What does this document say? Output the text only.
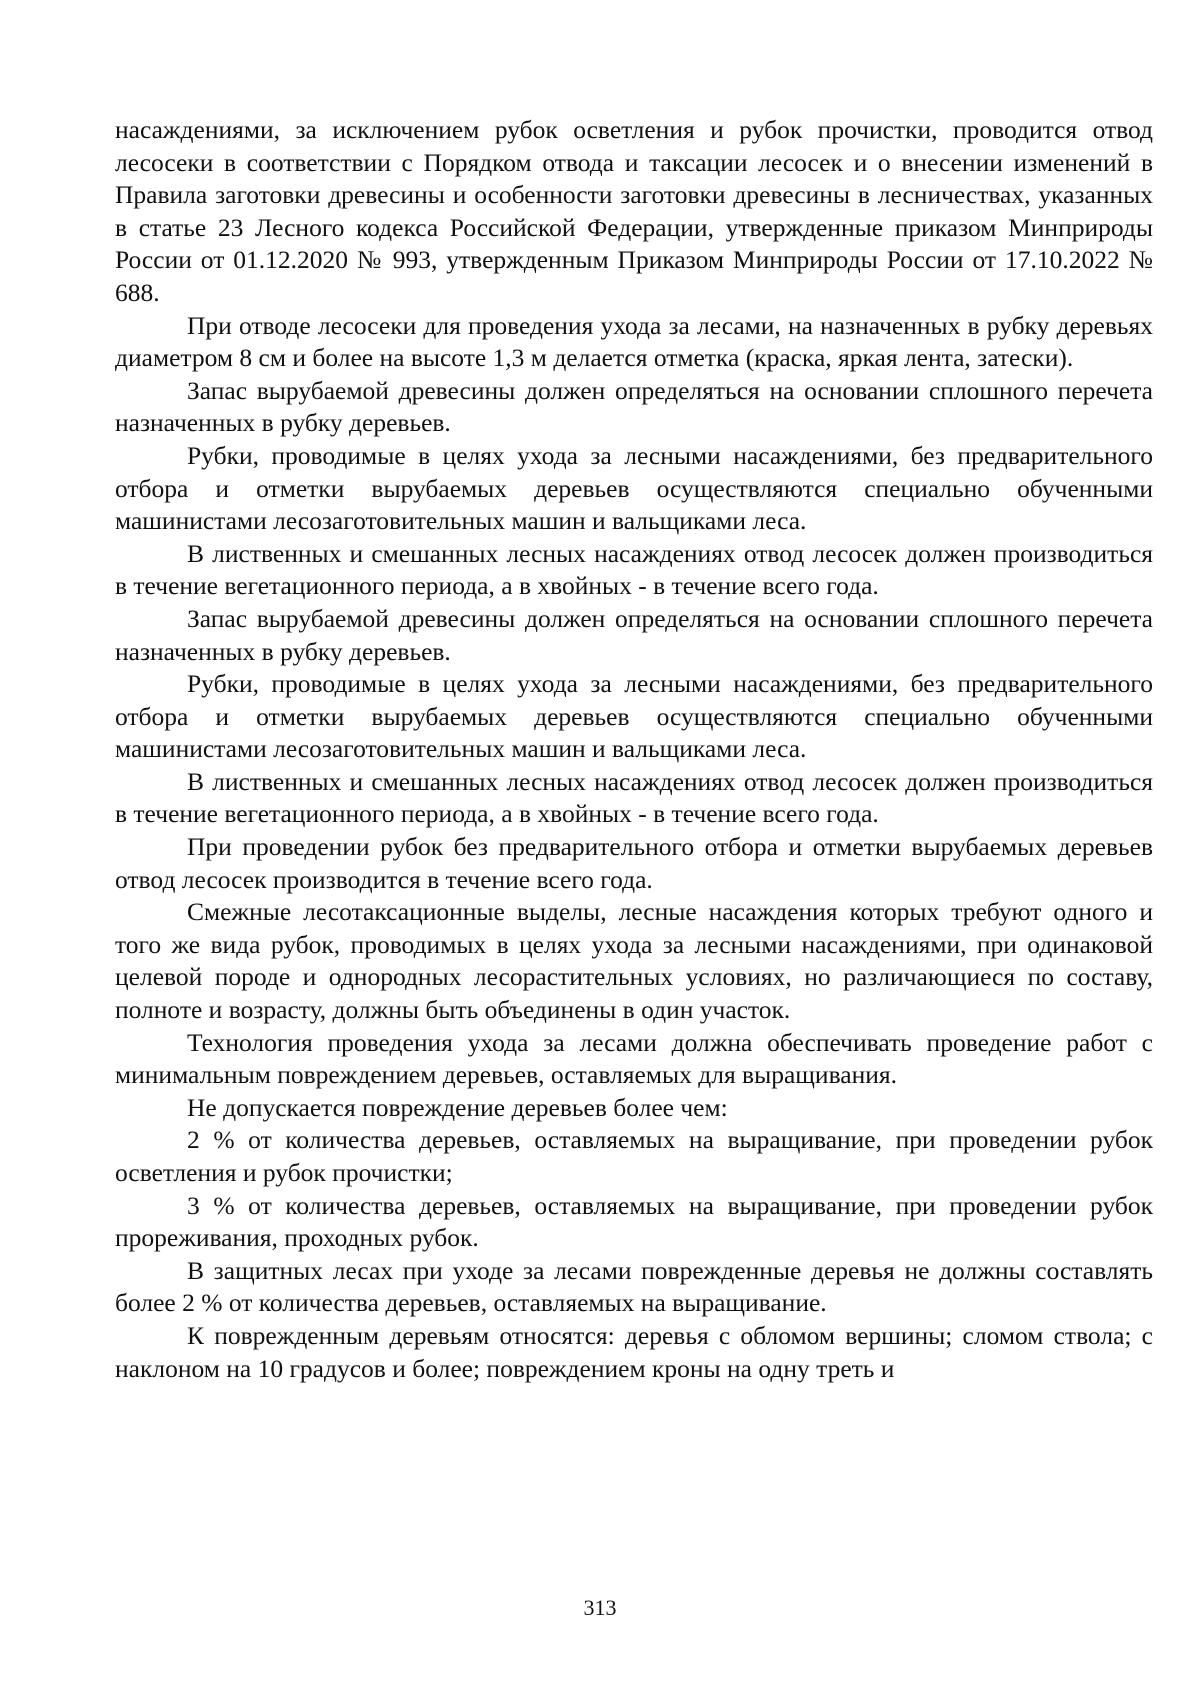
насаждениями, за исключением рубок осветления и рубок прочистки, проводится отвод лесосеки в соответствии с Порядком отвода и таксации лесосек и о внесении изменений в Правила заготовки древесины и особенности заготовки древесины в лесничествах, указанных в статье 23 Лесного кодекса Российской Федерации, утвержденные приказом Минприроды России от 01.12.2020 № 993, утвержденным Приказом Минприроды России от 17.10.2022 № 688.

При отводе лесосеки для проведения ухода за лесами, на назначенных в рубку деревьях диаметром 8 см и более на высоте 1,3 м делается отметка (краска, яркая лента, затески).

Запас вырубаемой древесины должен определяться на основании сплошного перечета назначенных в рубку деревьев.

Рубки, проводимые в целях ухода за лесными насаждениями, без предварительного отбора и отметки вырубаемых деревьев осуществляются специально обученными машинистами лесозаготовительных машин и вальщиками леса.

В лиственных и смешанных лесных насаждениях отвод лесосек должен производиться в течение вегетационного периода, а в хвойных - в течение всего года.

Запас вырубаемой древесины должен определяться на основании сплошного перечета назначенных в рубку деревьев.

Рубки, проводимые в целях ухода за лесными насаждениями, без предварительного отбора и отметки вырубаемых деревьев осуществляются специально обученными машинистами лесозаготовительных машин и вальщиками леса.

В лиственных и смешанных лесных насаждениях отвод лесосек должен производиться в течение вегетационного периода, а в хвойных - в течение всего года.

При проведении рубок без предварительного отбора и отметки вырубаемых деревьев отвод лесосек производится в течение всего года.

Смежные лесотаксационные выделы, лесные насаждения которых требуют одного и того же вида рубок, проводимых в целях ухода за лесными насаждениями, при одинаковой целевой породе и однородных лесорастительных условиях, но различающиеся по составу, полноте и возрасту, должны быть объединены в один участок.

Технология проведения ухода за лесами должна обеспечивать проведение работ с минимальным повреждением деревьев, оставляемых для выращивания.

Не допускается повреждение деревьев более чем:

2 % от количества деревьев, оставляемых на выращивание, при проведении рубок осветления и рубок прочистки;

3 % от количества деревьев, оставляемых на выращивание, при проведении рубок прореживания, проходных рубок.

В защитных лесах при уходе за лесами поврежденные деревья не должны составлять более 2 % от количества деревьев, оставляемых на выращивание.

К поврежденным деревьям относятся: деревья с обломом вершины; сломом ствола; с наклоном на 10 градусов и более; повреждением кроны на одну треть и

313
